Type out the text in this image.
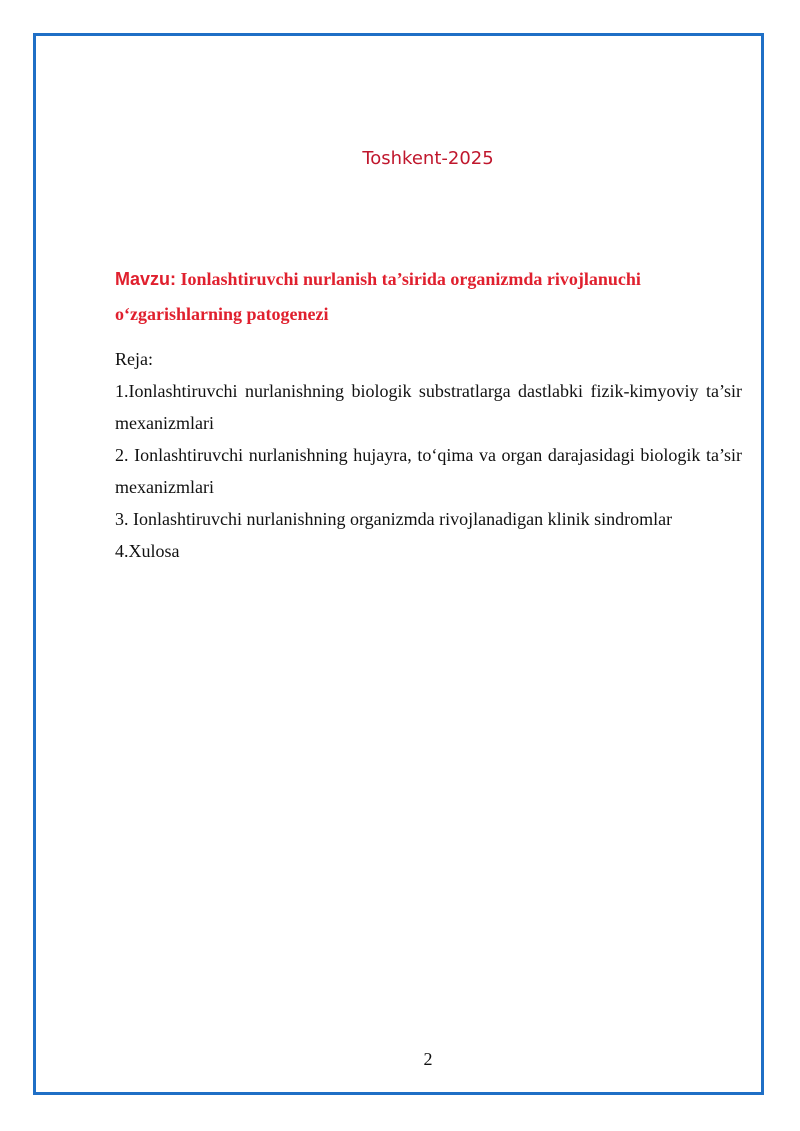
Toshkent-2025

Mavzu: Ionlashtiruvchi nurlanish ta’sirida organizmda rivojlanuchi o‘zgarishlarning patogenezi

Reja:

1.Ionlashtiruvchi nurlanishning biologik substratlarga dastlabki fizik-kimyoviy ta’sir mexanizmlari

2. Ionlashtiruvchi nurlanishning hujayra, to‘qima va organ darajasidagi biologik ta’sir mexanizmlari

3. Ionlashtiruvchi nurlanishning organizmda rivojlanadigan klinik sindromlar

4.Xulosa

2
